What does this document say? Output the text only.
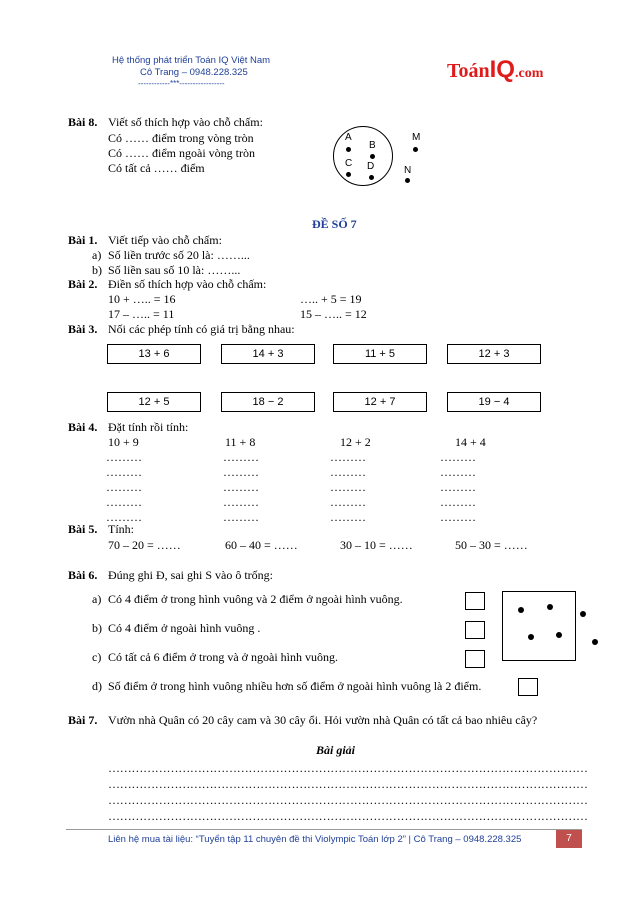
Hệ thống phát triển Toán IQ Việt Nam
Cô Trang – 0948.228.325
------------***-----------------
ToánIQ.com
Bài 8. Viết số thích hợp vào chỗ chấm:
Có …… điểm trong vòng tròn
Có …… điểm ngoài vòng tròn
Có tất cả …… điểm
A
B
C D
M
N
ĐỀ SỐ 7
Bài 1. Viết tiếp vào chỗ chấm:
a) Số liền trước số 20 là: ……...
b) Số liền sau số 10 là: ……...
Bài 2. Điền số thích hợp vào chỗ chấm:
10 + ….. = 16	….. + 5 = 19
17 – ….. = 11	15 – ….. = 12
Bài 3. Nối các phép tính có giá trị bằng nhau:
13 + 6	14 + 3	11 + 5	12 + 3
12 + 5	18 − 2	12 + 7	19 − 4
Bài 4. Đặt tính rồi tính:
10 + 9	11 + 8	12 + 2	14 + 4
………	………	………	………
………	………	………	………
………	………	………	………
………	………	………	………
………	………	………	………
Bài 5. Tính:
70 – 20 = ……	60 – 40 = ……	30 – 10 = ……	50 – 30 = ……
Bài 6. Đúng ghi Đ, sai ghi S vào ô trống:
a) Có 4 điểm ở trong hình vuông và 2 điểm ở ngoài hình vuông.
b) Có 4 điểm ở ngoài hình vuông .
c) Có tất cả 6 điểm ở trong và ở ngoài hình vuông.
d) Số điểm ở trong hình vuông nhiều hơn số điểm ở ngoài hình vuông là 2 điểm.
Bài 7. Vườn nhà Quân có 20 cây cam và 30 cây ổi. Hỏi vườn nhà Quân có tất cả bao nhiêu cây?
Bài giải
……………………………………………………………………………………………………………
……………………………………………………………………………………………………………
……………………………………………………………………………………………………………
……………………………………………………………………………………………………………
Liên hệ mua tài liệu: “Tuyển tập 11 chuyên đề thi Violympic Toán lớp 2” | Cô Trang – 0948.228.325	7
